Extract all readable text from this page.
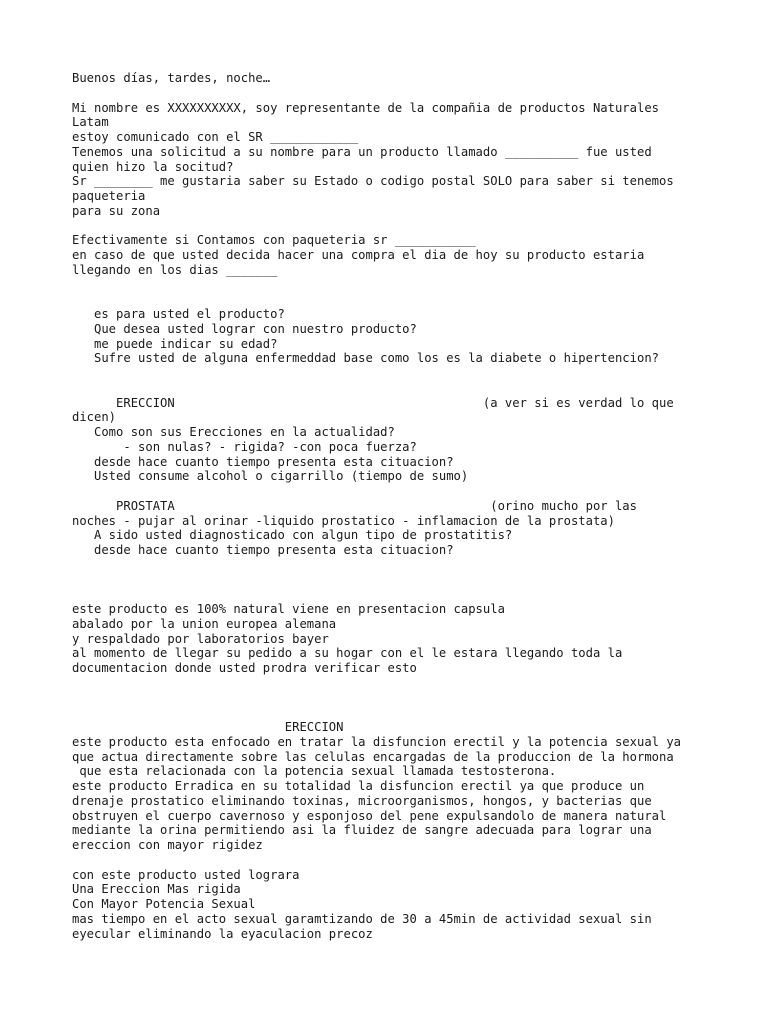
Buenos días, tardes, noche…
Mi nombre es XXXXXXXXXX, soy representante de la compañia de productos Naturales
Latam
estoy comunicado con el SR ____________
Tenemos una solicitud a su nombre para un producto llamado __________ fue usted
quien hizo la socitud?
Sr ________ me gustaria saber su Estado o codigo postal SOLO para saber si tenemos
paqueteria
para su zona
Efectivamente si Contamos con paqueteria sr ___________
en caso de que usted decida hacer una compra el dia de hoy su producto estaria
llegando en los dias _______
es para usted el producto?
Que desea usted lograr con nuestro producto?
me puede indicar su edad?
Sufre usted de alguna enfermeddad base como los es la diabete o hipertencion?
ERECCION                                          (a ver si es verdad lo que
dicen)
Como son sus Erecciones en la actualidad?
- son nulas? - rigida? -con poca fuerza?
desde hace cuanto tiempo presenta esta cituacion?
Usted consume alcohol o cigarrillo (tiempo de sumo)
PROSTATA                                           (orino mucho por las
noches - pujar al orinar -liquido prostatico - inflamacion de la prostata)
A sido usted diagnosticado con algun tipo de prostatitis?
desde hace cuanto tiempo presenta esta cituacion?
este producto es 100% natural viene en presentacion capsula
abalado por la union europea alemana
y respaldado por laboratorios bayer
al momento de llegar su pedido a su hogar con el le estara llegando toda la
documentacion donde usted prodra verificar esto
ERECCION
este producto esta enfocado en tratar la disfuncion erectil y la potencia sexual ya
que actua directamente sobre las celulas encargadas de la produccion de la hormona
que esta relacionada con la potencia sexual llamada testosterona.
este producto Erradica en su totalidad la disfuncion erectil ya que produce un
drenaje prostatico eliminando toxinas, microorganismos, hongos, y bacterias que
obstruyen el cuerpo cavernoso y esponjoso del pene expulsandolo de manera natural
mediante la orina permitiendo asi la fluidez de sangre adecuada para lograr una
ereccion con mayor rigidez
con este producto usted lograra
Una Ereccion Mas rigida
Con Mayor Potencia Sexual
mas tiempo en el acto sexual garamtizando de 30 a 45min de actividad sexual sin
eyecular eliminando la eyaculacion precoz
